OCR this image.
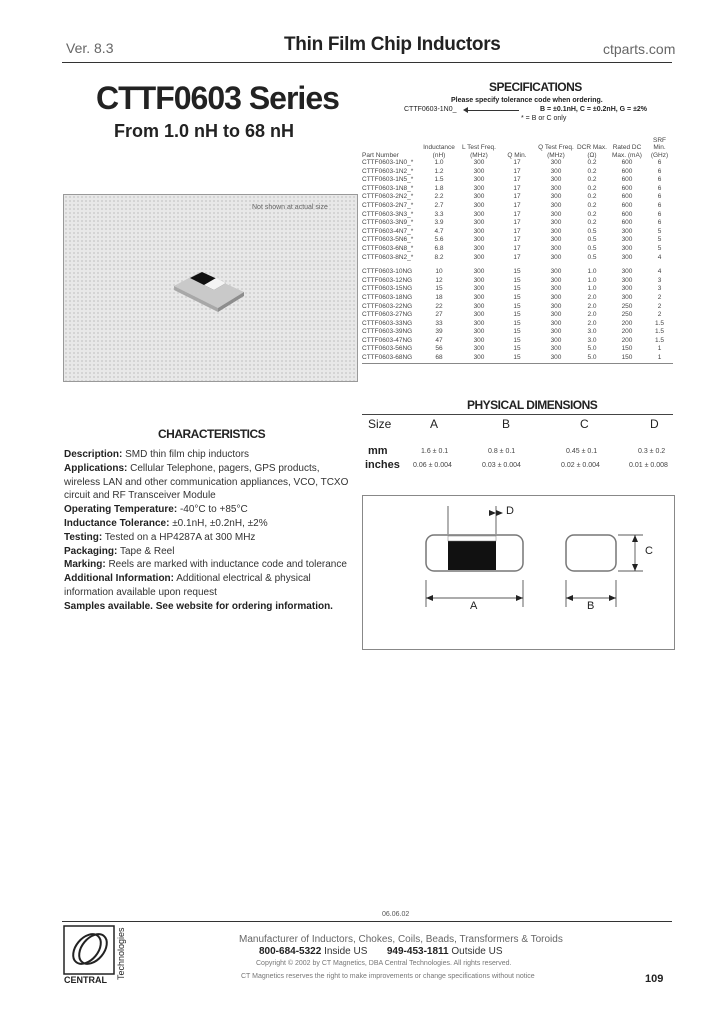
Ver. 8.3	Thin Film Chip Inductors	ctparts.com
CTTF0603 Series
From 1.0 nH to 68 nH
Not shown at actual size
SPECIFICATIONS
Please specify tolerance code when ordering.
CTTF0603-1N0_	B = ±0.1nH, C = ±0.2nH, G = ±2%
* = B or C only
Part Number	Inductance (nH)	L Test Freq. (MHz)	Q Min.	Q Test Freq. (MHz)	DCR Max. (Ω)	Rated DC Max. (mA)	SRF Min. (GHz)
CTTF0603-1N0_*	1.0	300	17	300	0.2	600	6
CTTF0603-1N2_*	1.2	300	17	300	0.2	600	6
CTTF0603-1N5_*	1.5	300	17	300	0.2	600	6
CTTF0603-1N8_*	1.8	300	17	300	0.2	600	6
CTTF0603-2N2_*	2.2	300	17	300	0.2	600	6
CTTF0603-2N7_*	2.7	300	17	300	0.2	600	6
CTTF0603-3N3_*	3.3	300	17	300	0.2	600	6
CTTF0603-3N9_*	3.9	300	17	300	0.2	600	6
CTTF0603-4N7_*	4.7	300	17	300	0.5	300	5
CTTF0603-5N6_*	5.6	300	17	300	0.5	300	5
CTTF0603-6N8_*	6.8	300	17	300	0.5	300	5
CTTF0603-8N2_*	8.2	300	17	300	0.5	300	4

CTTF0603-10NG	10	300	15	300	1.0	300	4
CTTF0603-12NG	12	300	15	300	1.0	300	3
CTTF0603-15NG	15	300	15	300	1.0	300	3
CTTF0603-18NG	18	300	15	300	2.0	300	2
CTTF0603-22NG	22	300	15	300	2.0	250	2
CTTF0603-27NG	27	300	15	300	2.0	250	2
CTTF0603-33NG	33	300	15	300	2.0	200	1.5
CTTF0603-39NG	39	300	15	300	3.0	200	1.5
CTTF0603-47NG	47	300	15	300	3.0	200	1.5
CTTF0603-56NG	56	300	15	300	5.0	150	1
CTTF0603-68NG	68	300	15	300	5.0	150	1
PHYSICAL DIMENSIONS
Size	A	B	C	D
mm	1.6 ± 0.1	0.8 ± 0.1	0.45 ± 0.1	0.3 ± 0.2
inches 0.06 ± 0.004	0.03 ± 0.004	0.02 ± 0.004	0.01 ± 0.008
D
A
C
B
CHARACTERISTICS
Description: SMD thin film chip inductors
Applications: Cellular Telephone, pagers, GPS products, wireless LAN and other communication appliances, VCO, TCXO circuit and RF Transceiver Module
Operating Temperature: -40°C to +85°C
Inductance Tolerance: ±0.1nH, ±0.2nH, ±2%
Testing: Tested on a HP4287A at 300 MHz
Packaging: Tape & Reel
Marking: Reels are marked with inductance code and tolerance
Additional Information: Additional electrical & physical information available upon request
Samples available. See website for ordering information.
06.06.02
CENTRAL Technologies	Manufacturer of Inductors, Chokes, Coils, Beads, Transformers & Toroids
800-684-5322 Inside US 949-453-1811 Outside US
Copyright © 2002 by CT Magnetics, DBA Central Technologies. All rights reserved.
CT Magnetics reserves the right to make improvements or change specifications without notice	109
